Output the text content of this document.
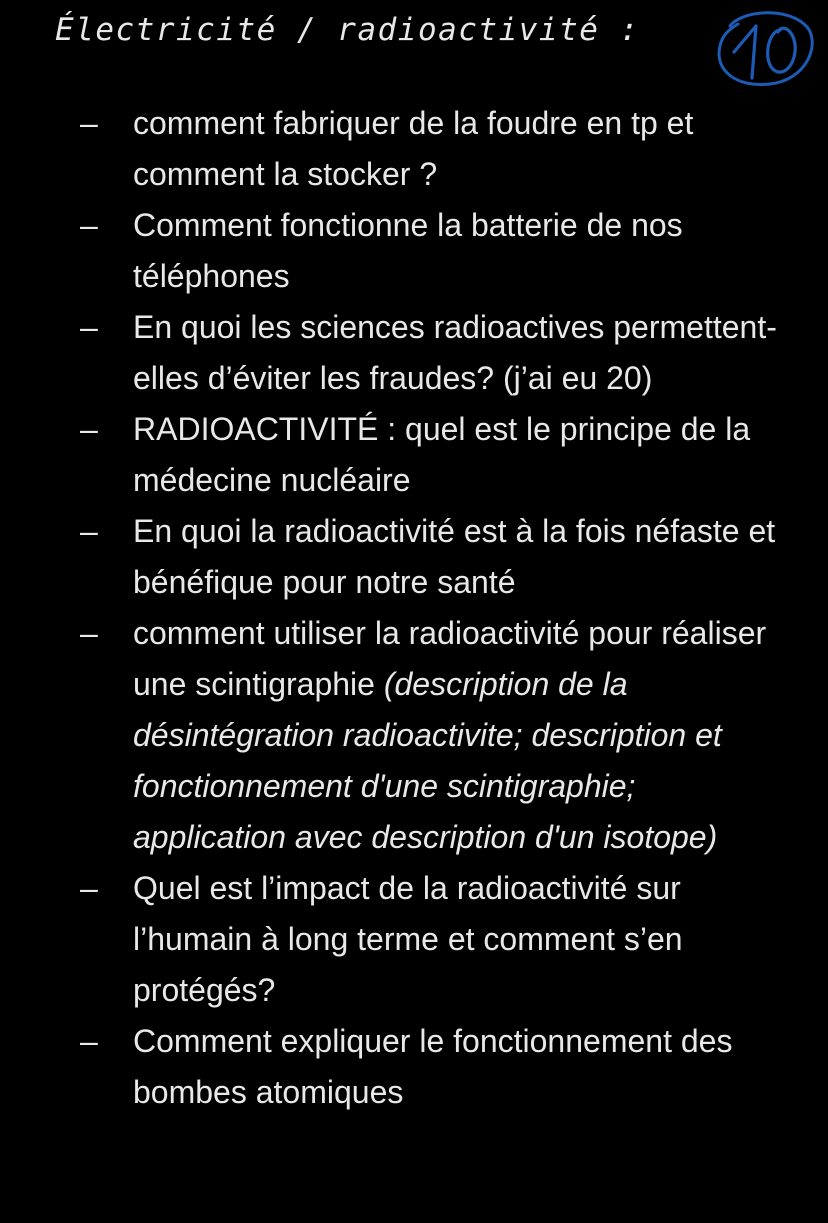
Électricité / radioactivité :
–	comment fabriquer de la foudre en tp et comment la stocker ?
–	Comment fonctionne la batterie de nos téléphones
–	En quoi les sciences radioactives permettent-elles d’éviter les fraudes? (j’ai eu 20)
–	RADIOACTIVITÉ : quel est le principe de la médecine nucléaire
–	En quoi la radioactivité est à la fois néfaste et bénéfique pour notre santé
–	comment utiliser la radioactivité pour réaliser une scintigraphie (description de la désintégration radioactivite; description et fonctionnement d'une scintigraphie; application avec description d'un isotope)
–	Quel est l’impact de la radioactivité sur l’humain à long terme et comment s’en protégés?
–	Comment expliquer le fonctionnement des bombes atomiques
